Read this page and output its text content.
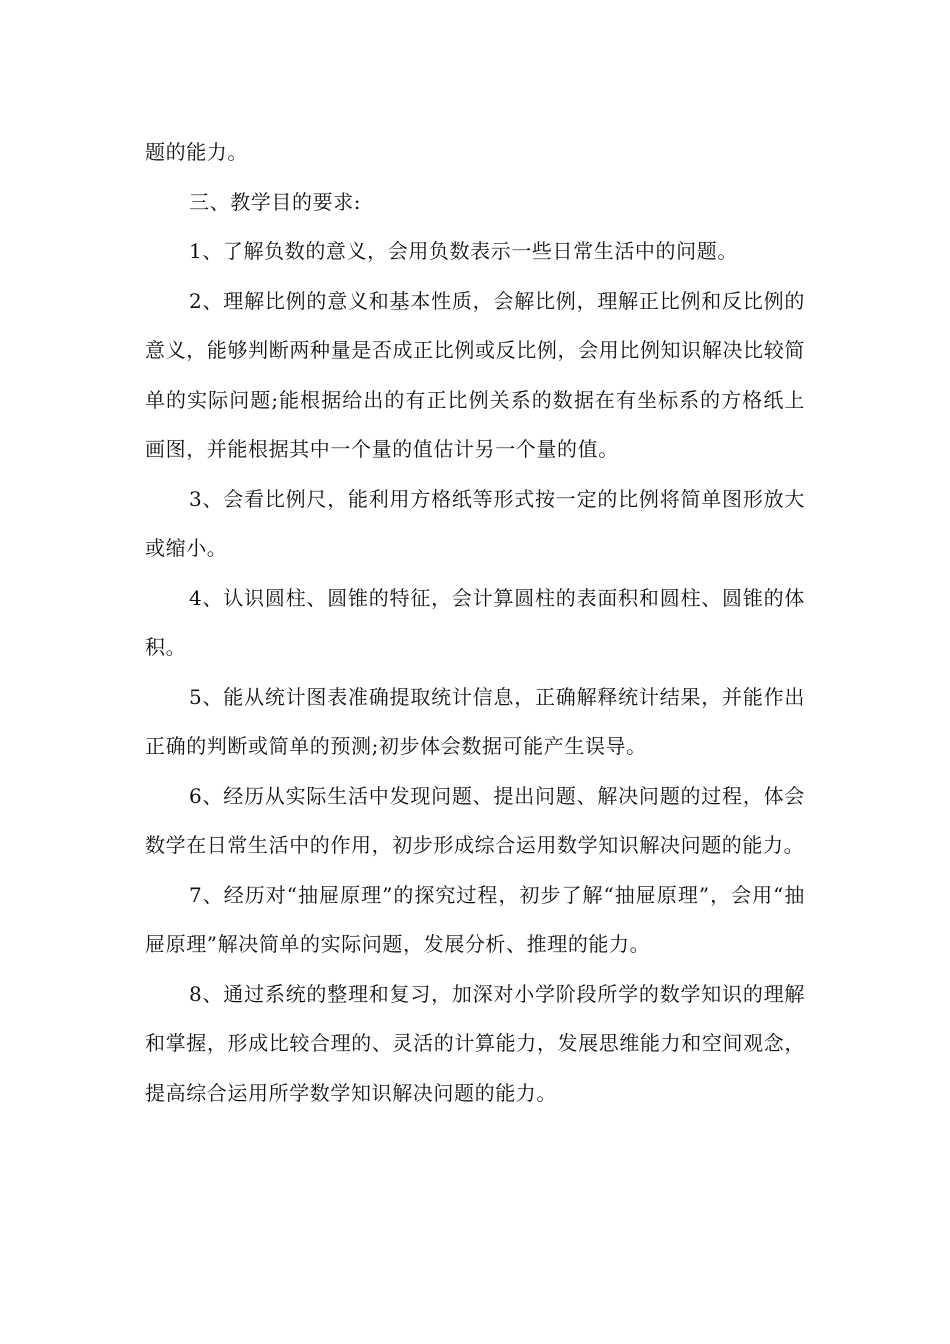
题的能力。

三、教学目的要求:

1、了解负数的意义，会用负数表示一些日常生活中的问题。

2、理解比例的意义和基本性质，会解比例，理解正比例和反比例的意义，能够判断两种量是否成正比例或反比例，会用比例知识解决比较简单的实际问题;能根据给出的有正比例关系的数据在有坐标系的方格纸上画图，并能根据其中一个量的值估计另一个量的值。

3、会看比例尺，能利用方格纸等形式按一定的比例将简单图形放大或缩小。

4、认识圆柱、圆锥的特征，会计算圆柱的表面积和圆柱、圆锥的体积。

5、能从统计图表准确提取统计信息，正确解释统计结果，并能作出正确的判断或简单的预测;初步体会数据可能产生误导。

6、经历从实际生活中发现问题、提出问题、解决问题的过程，体会数学在日常生活中的作用，初步形成综合运用数学知识解决问题的能力。

7、经历对“抽屉原理”的探究过程，初步了解“抽屉原理”，会用“抽屉原理”解决简单的实际问题，发展分析、推理的能力。

8、通过系统的整理和复习，加深对小学阶段所学的数学知识的理解和掌握，形成比较合理的、灵活的计算能力，发展思维能力和空间观念，提高综合运用所学数学知识解决问题的能力。
